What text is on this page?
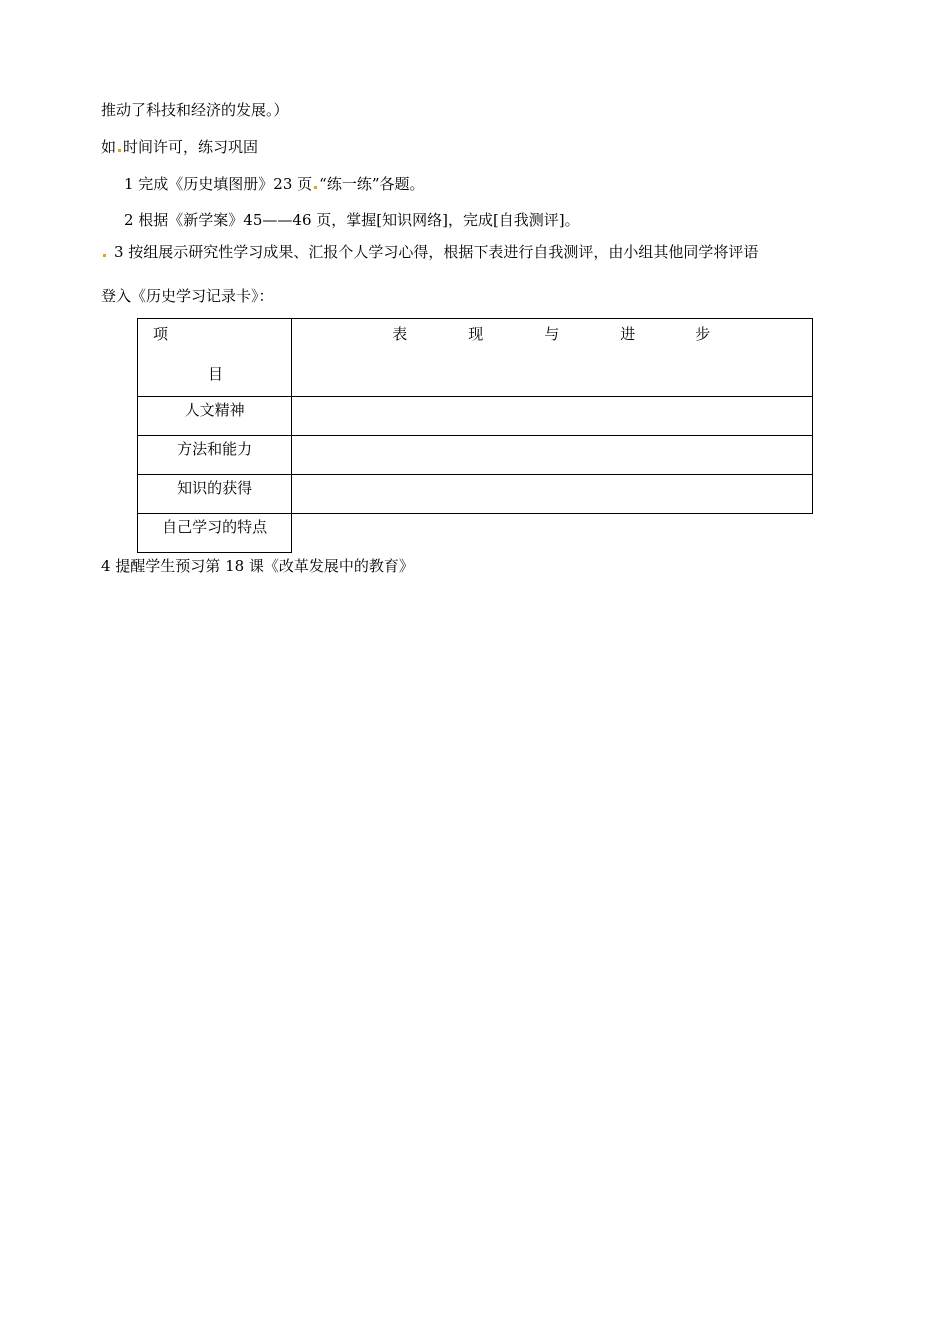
推动了科技和经济的发展。）
如 时间许可，练习巩固
1 完成《历史填图册》23 页 “练一练”各题。
2 根据《新学案》45——46 页，掌握[知识网络]，完成[自我测评]。
3 按组展示研究性学习成果、汇报个人学习心得，根据下表进行自我测评，由小组其他同学将评语
登入《历史学习记录卡》：
项
目	表 现 与 进 步

人文精神	
方法和能力	
知识的获得	
自己学习的特点	
4 提醒学生预习第 18 课《改革发展中的教育》
